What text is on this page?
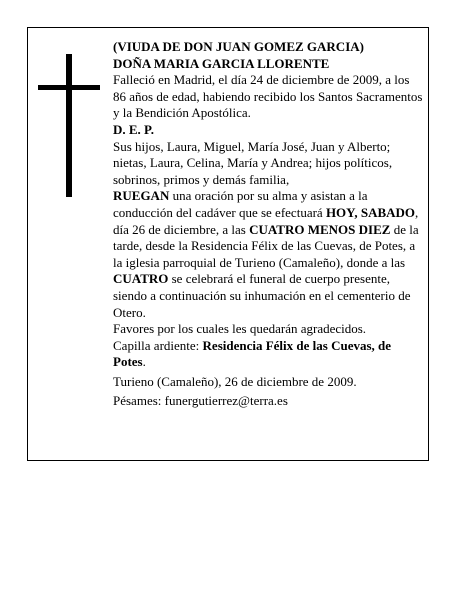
(VIUDA DE DON JUAN GOMEZ GARCIA)

DOÑA MARIA GARCIA LLORENTE

Falleció en Madrid, el día 24 de diciembre de 2009, a los 86 años de edad, habiendo recibido los Santos Sacramentos y la Bendición Apostólica.

D. E. P.

Sus hijos, Laura, Miguel, María José, Juan y Alberto; nietas, Laura, Celina, María y Andrea; hijos políticos, sobrinos, primos y demás familia,

RUEGAN una oración por su alma y asistan a la conducción del cadáver que se efectuará HOY, SABADO, día 26 de diciembre, a las CUATRO MENOS DIEZ de la tarde, desde la Residencia Félix de las Cuevas, de Potes, a la iglesia parroquial de Turieno (Camaleño), donde a las CUATRO se celebrará el funeral de cuerpo presente, siendo a continuación su inhumación en el cementerio de Otero.

Favores por los cuales les quedarán agradecidos.

Capilla ardiente: Residencia Félix de las Cuevas, de Potes.

Turieno (Camaleño), 26 de diciembre de 2009.

Pésames: funergutierrez@terra.es
